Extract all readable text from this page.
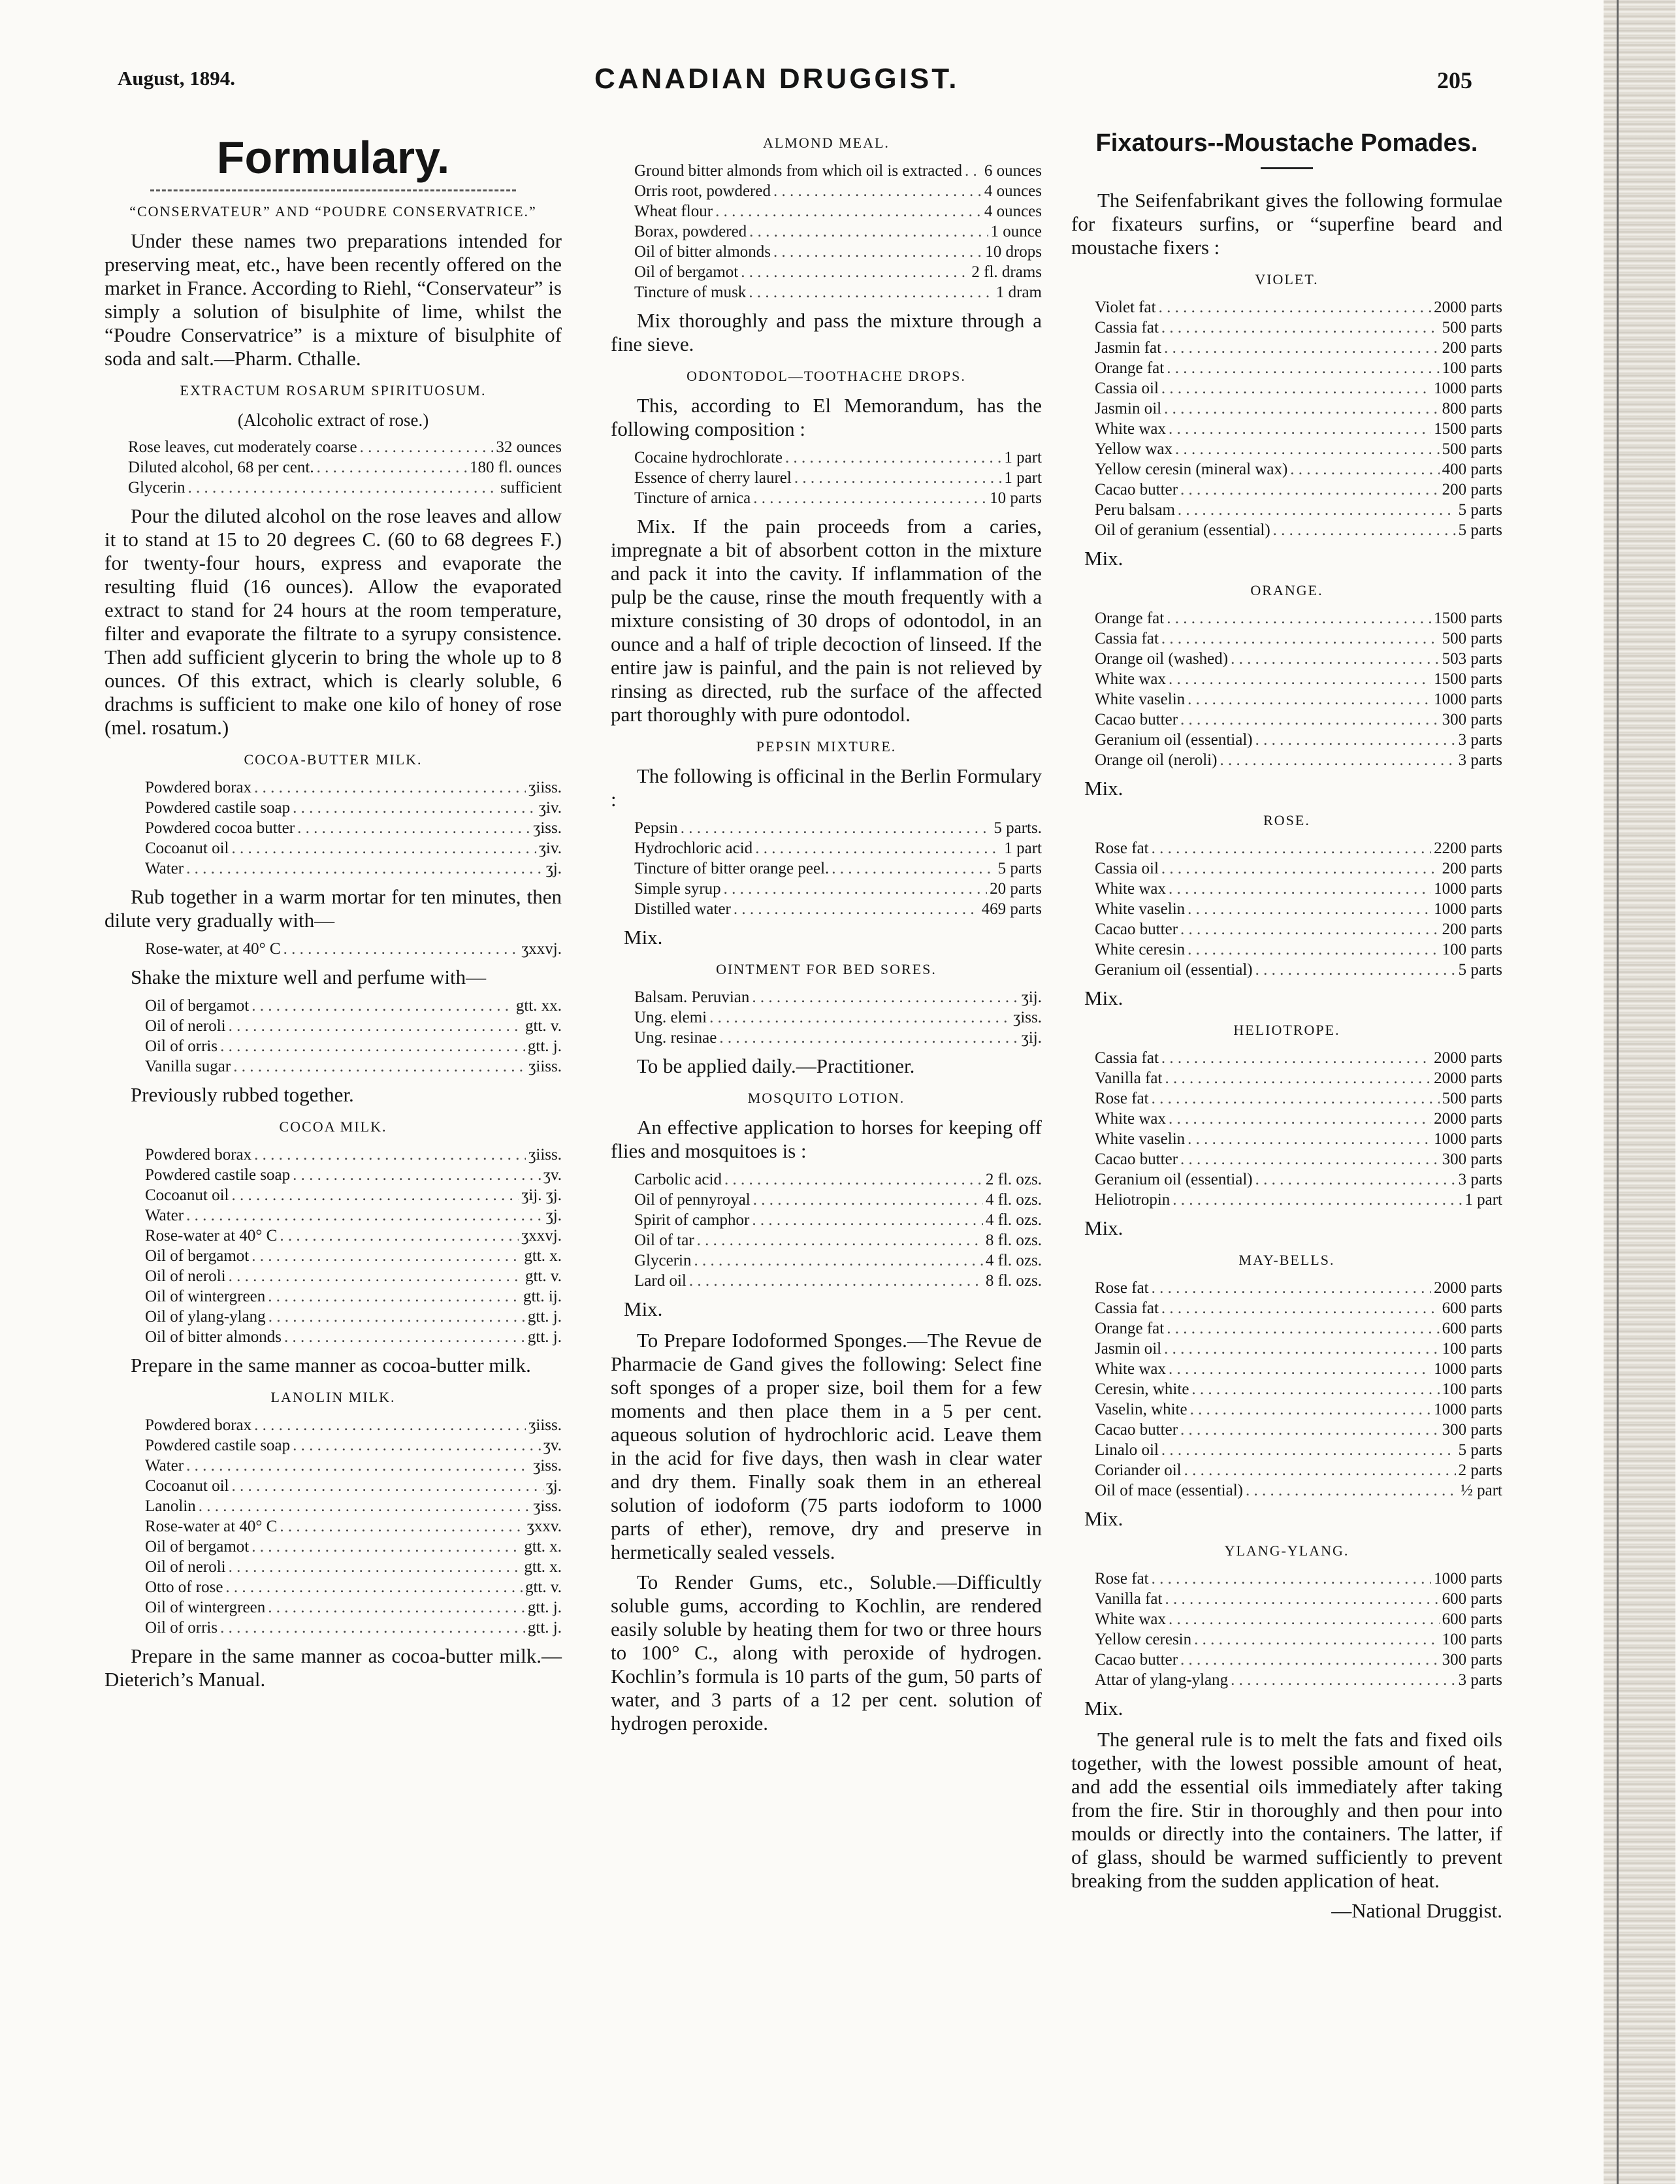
August, 1894.	CANADIAN DRUGGIST.	205
Formulary.
“CONSERVATEUR” AND “POUDRE CONSERVATRICE.”
Under these names two preparations intended for preserving meat, etc., have been recently offered on the market in France. According to Riehl, “Conservateur” is simply a solution of bisulphite of lime, whilst the “Poudre Conservatrice” is a mixture of bisulphite of soda and salt.—Pharm. Cthalle.
EXTRACTUM ROSARUM SPIRITUOSUM.
(Alcoholic extract of rose.)
Rose leaves, cut moderately coarse . . .	32 ounces
Diluted alcohol, 68 per cent. . . .	180 fl. ounces
Glycerin . . .	sufficient
Pour the diluted alcohol on the rose leaves and allow it to stand at 15 to 20 degrees C. (60 to 68 degrees F.) for twenty-four hours, express and evaporate the resulting fluid (16 ounces). Allow the evaporated extract to stand for 24 hours at the room temperature, filter and evaporate the filtrate to a syrupy consistence. Then add sufficient glycerin to bring the whole up to 8 ounces. Of this extract, which is clearly soluble, 6 drachms is sufficient to make one kilo of honey of rose (mel. rosatum.)
COCOA-BUTTER MILK.
Powdered borax . . .	ʒiiss.
Powdered castile soap . . .	ʒiv.
Powdered cocoa butter . . .	ʒiss.
Cocoanut oil . . .	ʒiv.
Water . . .	ʒj.
Rub together in a warm mortar for ten minutes, then dilute very gradually with—
Rose-water, at 40° C . . .	ʒxxvj.
Shake the mixture well and perfume with—
Oil of bergamot . . .	gtt. xx.
Oil of neroli . . .	gtt. v.
Oil of orris . . .	gtt. j.
Vanilla sugar . . .	ʒiiss.
Previously rubbed together.
COCOA MILK.
Powdered borax . . .	ʒiiss.
Powdered castile soap . . .	ʒv.
Cocoanut oil . . .	ʒij. ʒj.
Water . . .	ʒj.
Rose-water at 40° C . . .	ʒxxvj.
Oil of bergamot . . .	gtt. x.
Oil of neroli . . .	gtt. v.
Oil of wintergreen . . .	gtt. ij.
Oil of ylang-ylang . . .	gtt. j.
Oil of bitter almonds . . .	gtt. j.
Prepare in the same manner as cocoa-butter milk.
LANOLIN MILK.
Powdered borax . . .	ʒiiss.
Powdered castile soap . . .	ʒv.
Water . . .	ʒiss.
Cocoanut oil . . .	ʒj.
Lanolin . . .	ʒiss.
Rose-water at 40° C . . .	ʒxxv.
Oil of bergamot . . .	gtt. x.
Oil of neroli . . .	gtt. x.
Otto of rose . . .	gtt. v.
Oil of wintergreen . . .	gtt. j.
Oil of orris . . .	gtt. j.
Prepare in the same manner as cocoa-butter milk.—Dieterich’s Manual.
ALMOND MEAL.
Ground bitter almonds from which oil is extracted . . . 6 ounces
Orris root, powdered . . .	4 ounces
Wheat flour . . .	4 ounces
Borax, powdered . . .	1 ounce
Oil of bitter almonds . . .	10 drops
Oil of bergamot . . .	2 fl. drams
Tincture of musk . . .	1 dram
Mix thoroughly and pass the mixture through a fine sieve.
ODONTODOL—TOOTHACHE DROPS.
This, according to El Memorandum, has the following composition :
Cocaine hydrochlorate . . .	1 part
Essence of cherry laurel . . .	1 part
Tincture of arnica . . .	10 parts
Mix. If the pain proceeds from a caries, impregnate a bit of absorbent cotton in the mixture and pack it into the cavity. If inflammation of the pulp be the cause, rinse the mouth frequently with a mixture consisting of 30 drops of odontodol, in an ounce and a half of triple decoction of linseed. If the entire jaw is painful, and the pain is not relieved by rinsing as directed, rub the surface of the affected part thoroughly with pure odontodol.
PEPSIN MIXTURE.
The following is officinal in the Berlin Formulary :
Pepsin . . .	5 parts.
Hydrochloric acid . . .	1 part
Tincture of bitter orange peel. . . .	5 parts
Simple syrup . . .	20 parts
Distilled water . . .	469 parts
Mix.
OINTMENT FOR BED SORES.
Balsam. Peruvian . . .	ʒij.
Ung. elemi . . .	ʒiss.
Ung. resinae . . .	ʒij.
To be applied daily.—Practitioner.
MOSQUITO LOTION.
An effective application to horses for keeping off flies and mosquitoes is :
Carbolic acid . . .	2 fl. ozs.
Oil of pennyroyal . . .	4 fl. ozs.
Spirit of camphor . . .	4 fl. ozs.
Oil of tar . . .	8 fl. ozs.
Glycerin . . .	4 fl. ozs.
Lard oil . . .	8 fl. ozs.
Mix.
To Prepare Iodoformed Sponges.—The Revue de Pharmacie de Gand gives the following: Select fine soft sponges of a proper size, boil them for a few moments and then place them in a 5 per cent. aqueous solution of hydrochloric acid. Leave them in the acid for five days, then wash in clear water and dry them. Finally soak them in an ethereal solution of iodoform (75 parts iodoform to 1000 parts of ether), remove, dry and preserve in hermetically sealed vessels.
To Render Gums, etc., Soluble.—Difficultly soluble gums, according to Kochlin, are rendered easily soluble by heating them for two or three hours to 100° C., along with peroxide of hydrogen. Kochlin’s formula is 10 parts of the gum, 50 parts of water, and 3 parts of a 12 per cent. solution of hydrogen peroxide.
Fixatours--Moustache Pomades.
The Seifenfabrikant gives the following formulae for fixateurs surfins, or “superfine beard and moustache fixers :
VIOLET.
Violet fat . . .	2000 parts
Cassia fat . . .	500 parts
Jasmin fat . . .	200 parts
Orange fat . . .	100 parts
Cassia oil . . .	1000 parts
Jasmin oil . . .	800 parts
White wax . . .	1500 parts
Yellow wax . . .	500 parts
Yellow ceresin (mineral wax) . . .	400 parts
Cacao butter . . .	200 parts
Peru balsam . . .	5 parts
Oil of geranium (essential) . . .	5 parts
Mix.
ORANGE.
Orange fat . . .	1500 parts
Cassia fat . . .	500 parts
Orange oil (washed) . . .	503 parts
White wax . . .	1500 parts
White vaselin . . .	1000 parts
Cacao butter . . .	300 parts
Geranium oil (essential) . . .	3 parts
Orange oil (neroli) . . .	3 parts
Mix.
ROSE.
Rose fat . . .	2200 parts
Cassia oil . . .	200 parts
White wax . . .	1000 parts
White vaselin . . .	1000 parts
Cacao butter . . .	200 parts
White ceresin . . .	100 parts
Geranium oil (essential) . . .	5 parts
Mix.
HELIOTROPE.
Cassia fat . . .	2000 parts
Vanilla fat . . .	2000 parts
Rose fat . . .	500 parts
White wax . . .	2000 parts
White vaselin . . .	1000 parts
Cacao butter . . .	300 parts
Geranium oil (essential) . . .	3 parts
Heliotropin . . .	1 part
Mix.
MAY-BELLS.
Rose fat . . .	2000 parts
Cassia fat . . .	600 parts
Orange fat . . .	600 parts
Jasmin oil . . .	100 parts
White wax . . .	1000 parts
Ceresin, white . . .	100 parts
Vaselin, white . . .	1000 parts
Cacao butter . . .	300 parts
Linalo oil . . .	5 parts
Coriander oil . . .	2 parts
Oil of mace (essential) . . .	½ part
Mix.
YLANG-YLANG.
Rose fat . . .	1000 parts
Vanilla fat . . .	600 parts
White wax . . .	600 parts
Yellow ceresin . . .	100 parts
Cacao butter . . .	300 parts
Attar of ylang-ylang . . .	3 parts
Mix.
The general rule is to melt the fats and fixed oils together, with the lowest possible amount of heat, and add the essential oils immediately after taking from the fire. Stir in thoroughly and then pour into moulds or directly into the containers. The latter, if of glass, should be warmed sufficiently to prevent breaking from the sudden application of heat.
—National Druggist.
